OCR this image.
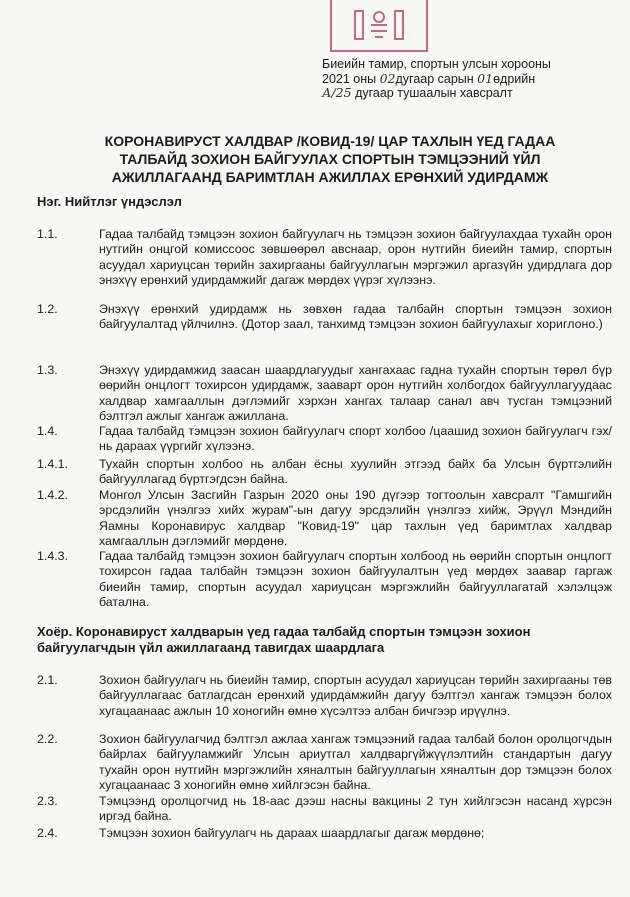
Биеийн тамир, спортын улсын хорооны
2021 оны 02дугаар сарын 01өдрийн
А/25 дугаар тушаалын хавсралт
КОРОНАВИРУСТ ХАЛДВАР /КОВИД-19/ ЦАР ТАХЛЫН ҮЕД ГАДАА ТАЛБАЙД ЗОХИОН БАЙГУУЛАХ СПОРТЫН ТЭМЦЭЭНИЙ ҮЙЛ АЖИЛЛАГААНД БАРИМТЛАН АЖИЛЛАХ ЕРӨНХИЙ УДИРДАМЖ
Нэг. Нийтлэг үндэслэл
1.1.	Гадаа талбайд тэмцээн зохион байгуулагч нь тэмцээн зохион байгуулахдаа тухайн орон нутгийн онцгой комиссоос зөвшөөрөл авснаар, орон нутгийн биеийн тамир, спортын асуудал хариуцсан төрийн захиргааны байгууллагын мэргэжил аргазүйн удирдлага дор энэхүү ерөнхий удирдамжийг дагаж мөрдөх үүрэг хүлээнэ.
1.2.	Энэхүү ерөнхий удирдамж нь зөвхөн гадаа талбайн спортын тэмцээн зохион байгуулалтад үйлчилнэ. (Дотор заал, танхимд тэмцээн зохион байгуулахыг хориглоно.)
1.3.	Энэхүү удирдамжид заасан шаардлагуудыг хангахаас гадна тухайн спортын төрөл бүр өөрийн онцлогт тохирсон удирдамж, зааварт орон нутгийн холбогдох байгууллагуудаас халдвар хамгааллын дэглэмийг хэрхэн хангах талаар санал авч тусган тэмцээний бэлтгэл ажлыг хангаж ажиллана.
1.4.	Гадаа талбайд тэмцээн зохион байгуулагч спорт холбоо /цаашид зохион байгуулагч гэх/ нь дараах үүргийг хүлээнэ.
1.4.1.	Тухайн спортын холбоо нь албан ёсны хуулийн этгээд байх ба Улсын бүртгэлийн байгууллагад бүртгэгдсэн байна.
1.4.2.	Монгол Улсын Засгийн Газрын 2020 оны 190 дүгээр тогтоолын хавсралт "Гамшгийн эрсдэлийн үнэлгээ хийх журам"-ын дагуу эрсдэлийн үнэлгээ хийж, Эрүүл Мэндийн Яамны Коронавирус халдвар "Ковид-19" цар тахлын үед баримтлах халдвар хамгааллын дэглэмийг мөрдөнө.
1.4.3.	Гадаа талбайд тэмцээн зохион байгуулагч спортын холбоод нь өөрийн спортын онцлогт тохирсон гадаа талбайн тэмцээн зохион байгуулалтын үед мөрдөх заавар гаргаж биеийн тамир, спортын асуудал хариуцсан мэргэжлийн байгууллагатай хэлэлцэж батална.
Хоёр. Коронавируст халдварын үед гадаа талбайд спортын тэмцээн зохион байгуулагчдын үйл ажиллагаанд тавигдах шаардлага
2.1.	Зохион байгуулагч нь биеийн тамир, спортын асуудал хариуцсан төрийн захиргааны төв байгууллагаас батлагдсан ерөнхий удирдамжийн дагуу бэлтгэл хангаж тэмцээн болох хугацаанаас ажлын 10 хоногийн өмнө хүсэлтээ албан бичгээр ирүүлнэ.
2.2.	Зохион байгуулагчид бэлтгэл ажлаа хангаж тэмцээний гадаа талбай болон оролцогчдын байрлах байгууламжийг Улсын ариутгал халдваргүйжүүлэлтийн стандартын дагуу тухайн орон нутгийн мэргэжлийн хяналтын байгууллагын хяналтын дор тэмцээн болох хугацаанаас 3 хоногийн өмнө хийлгэсэн байна.
2.3.	Тэмцээнд оролцогчид нь 18-аас дээш насны вакцины 2 тун хийлгэсэн насанд хүрсэн иргэд байна.
2.4.	Тэмцээн зохион байгуулагч нь дараах шаардлагыг дагаж мөрдөнө;
